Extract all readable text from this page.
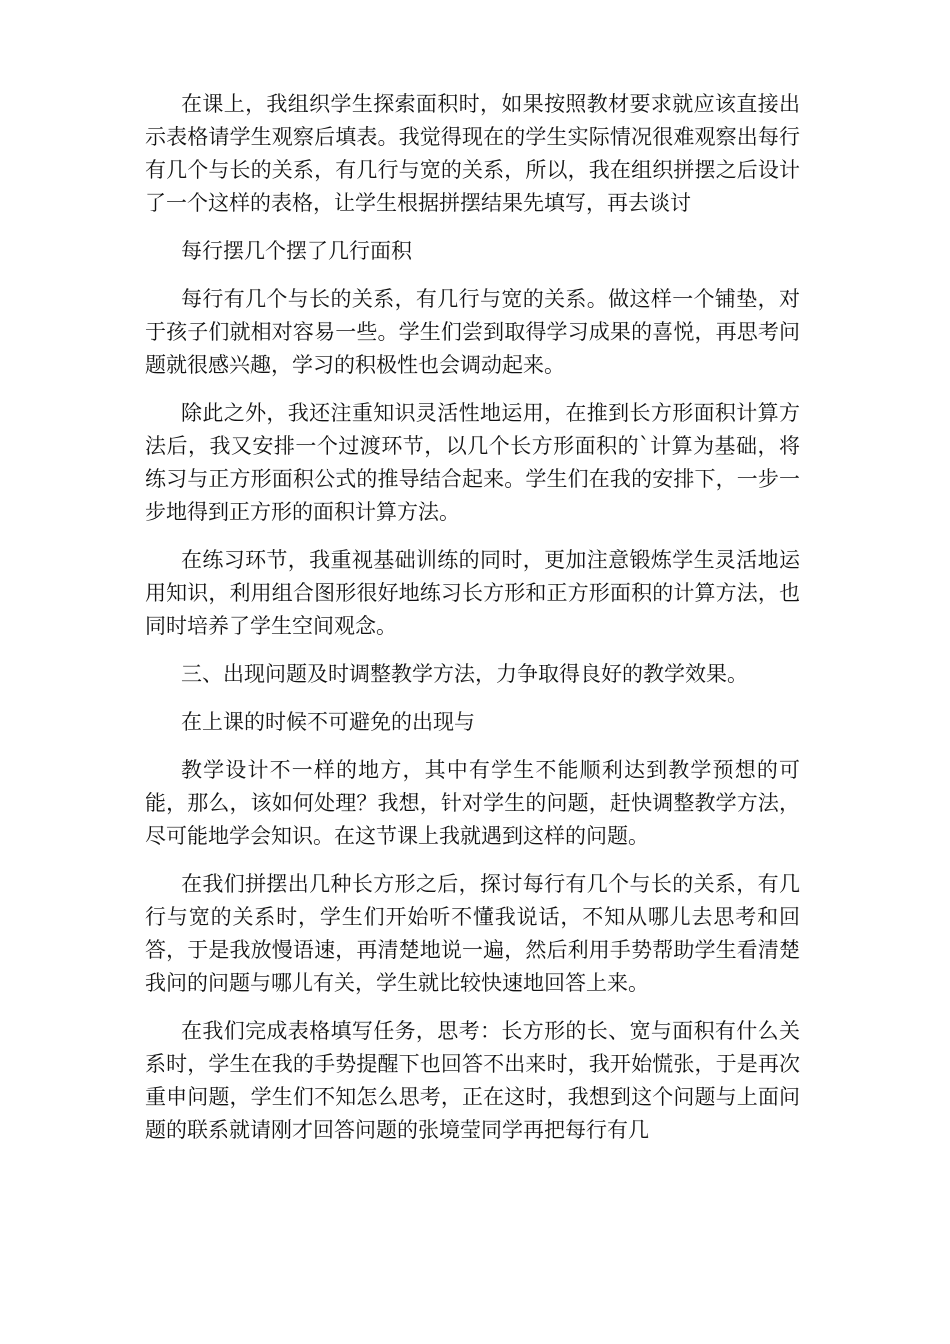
在课上，我组织学生探索面积时，如果按照教材要求就应该直接出示表格请学生观察后填表。我觉得现在的学生实际情况很难观察出每行有几个与长的关系，有几行与宽的关系，所以，我在组织拼摆之后设计了一个这样的表格，让学生根据拼摆结果先填写，再去谈讨

每行摆几个摆了几行面积

每行有几个与长的关系，有几行与宽的关系。做这样一个铺垫，对于孩子们就相对容易一些。学生们尝到取得学习成果的喜悦，再思考问题就很感兴趣，学习的积极性也会调动起来。

除此之外，我还注重知识灵活性地运用，在推到长方形面积计算方法后，我又安排一个过渡环节，以几个长方形面积的`计算为基础，将练习与正方形面积公式的推导结合起来。学生们在我的安排下，一步一步地得到正方形的面积计算方法。

在练习环节，我重视基础训练的同时，更加注意锻炼学生灵活地运用知识，利用组合图形很好地练习长方形和正方形面积的计算方法，也同时培养了学生空间观念。

三、出现问题及时调整教学方法，力争取得良好的教学效果。

在上课的时候不可避免的出现与

教学设计不一样的地方，其中有学生不能顺利达到教学预想的可能，那么，该如何处理？我想，针对学生的问题，赶快调整教学方法，尽可能地学会知识。在这节课上我就遇到这样的问题。

在我们拼摆出几种长方形之后，探讨每行有几个与长的关系，有几行与宽的关系时，学生们开始听不懂我说话，不知从哪儿去思考和回答，于是我放慢语速，再清楚地说一遍，然后利用手势帮助学生看清楚我问的问题与哪儿有关，学生就比较快速地回答上来。

在我们完成表格填写任务，思考：长方形的长、宽与面积有什么关系时，学生在我的手势提醒下也回答不出来时，我开始慌张，于是再次重申问题，学生们不知怎么思考，正在这时，我想到这个问题与上面问题的联系就请刚才回答问题的张境莹同学再把每行有几
